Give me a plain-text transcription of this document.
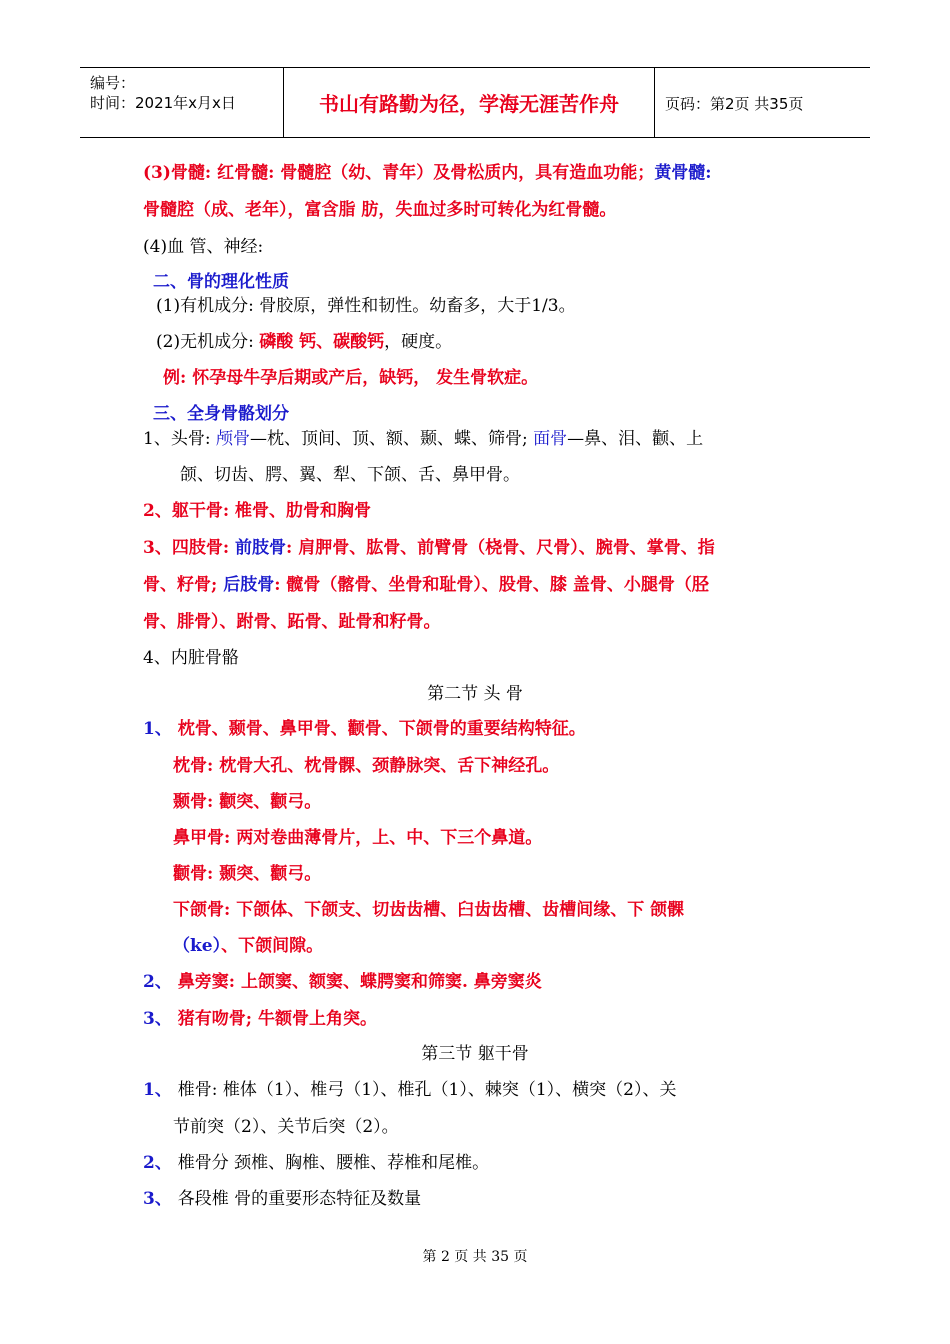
编号：
时间：2021年x月x日	书山有路勤为径，学海无涯苦作舟	页码：第2页 共35页
(3)骨髓: 红骨髓: 骨髓腔（幼、青年）及骨松质内，具有造血功能；黄骨髓:
骨髓腔（成、老年），富含脂 肪，失血过多时可转化为红骨髓。
(4)血 管、神经:
二、骨的理化性质
(1)有机成分: 骨胶原，弹性和韧性。幼畜多，大于1/3。
(2)无机成分: 磷酸 钙、碳酸钙，硬度。
例: 怀孕母牛孕后期或产后，缺钙， 发生骨软症。
三、全身骨骼划分
1、头骨: 颅骨—枕、顶间、顶、额、颞、蝶、筛骨; 面骨—鼻、泪、颧、上
颌、切齿、腭、翼、犁、下颌、舌、鼻甲骨。
2、躯干骨: 椎骨、肋骨和胸骨
3、四肢骨: 前肢骨: 肩胛骨、肱骨、前臂骨（桡骨、尺骨）、腕骨、掌骨、指
骨、籽骨; 后肢骨: 髋骨（髂骨、坐骨和耻骨）、股骨、膝 盖骨、小腿骨（胫
骨、腓骨）、跗骨、跖骨、趾骨和籽骨。
4、内脏骨骼
第二节 头 骨
1、 枕骨、颞骨、鼻甲骨、颧骨、下颌骨的重要结构特征。
枕骨: 枕骨大孔、枕骨髁、颈静脉突、舌下神经孔。
颞骨: 颧突、颧弓。
鼻甲骨: 两对卷曲薄骨片，上、中、下三个鼻道。
颧骨: 颞突、颧弓。
下颌骨: 下颌体、下颌支、切齿齿槽、臼齿齿槽、齿槽间缘、下 颌髁
（ke）、下颌间隙。
2、 鼻旁窦: 上颌窦、额窦、蝶腭窦和筛窦. 鼻旁窦炎
3、 猪有吻骨; 牛额骨上角突。
第三节 躯干骨
1、 椎骨: 椎体（1）、椎弓（1）、椎孔（1）、棘突（1）、横突（2）、关
节前突（2）、关节后突（2）。
2、 椎骨分 颈椎、胸椎、腰椎、荐椎和尾椎。
3、 各段椎 骨的重要形态特征及数量
第 2 页 共 35 页
